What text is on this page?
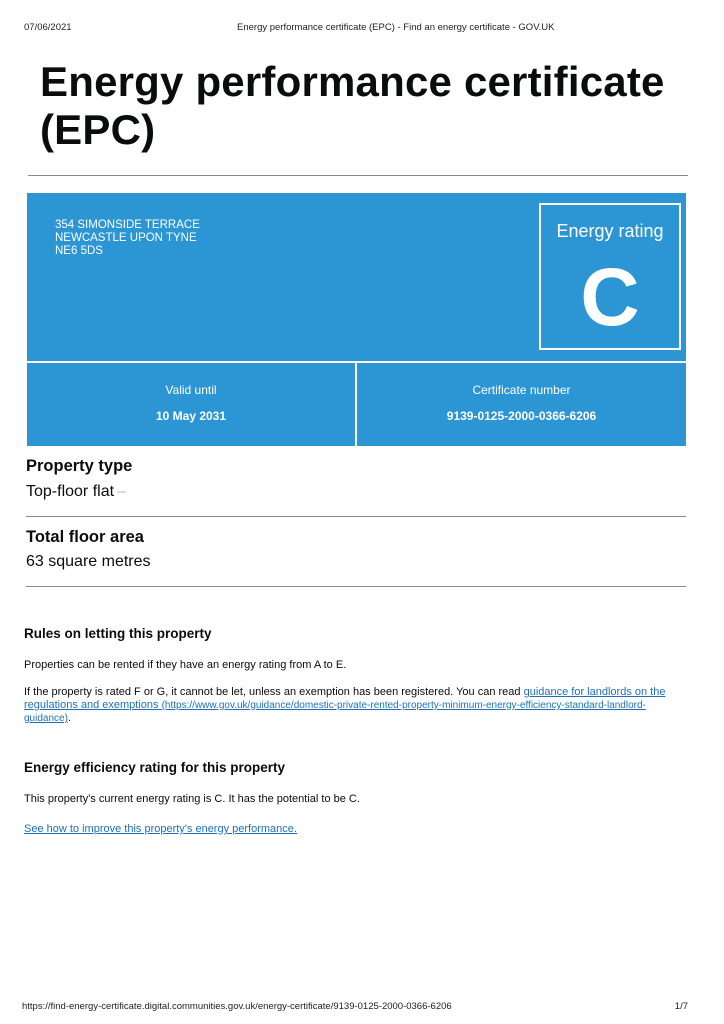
07/06/2021	Energy performance certificate (EPC) - Find an energy certificate - GOV.UK
Energy performance certificate
(EPC)
354 SIMONSIDE TERRACE
NEWCASTLE UPON TYNE
NE6 5DS
Energy rating
C
Valid until
10 May 2031
Certificate number
9139-0125-2000-0366-6206
Property type
Top-floor flat –
Total floor area
63 square metres
Rules on letting this property

Properties can be rented if they have an energy rating from A to E.

If the property is rated F or G, it cannot be let, unless an exemption has been registered. You can read guidance for landlords on the regulations and exemptions (https://www.gov.uk/guidance/domestic-private-rented-property-minimum-energy-efficiency-standard-landlord-guidance).

Energy efficiency rating for this property

This property's current energy rating is C. It has the potential to be C.

See how to improve this property's energy performance.

https://find-energy-certificate.digital.communities.gov.uk/energy-certificate/9139-0125-2000-0366-6206	1/7
